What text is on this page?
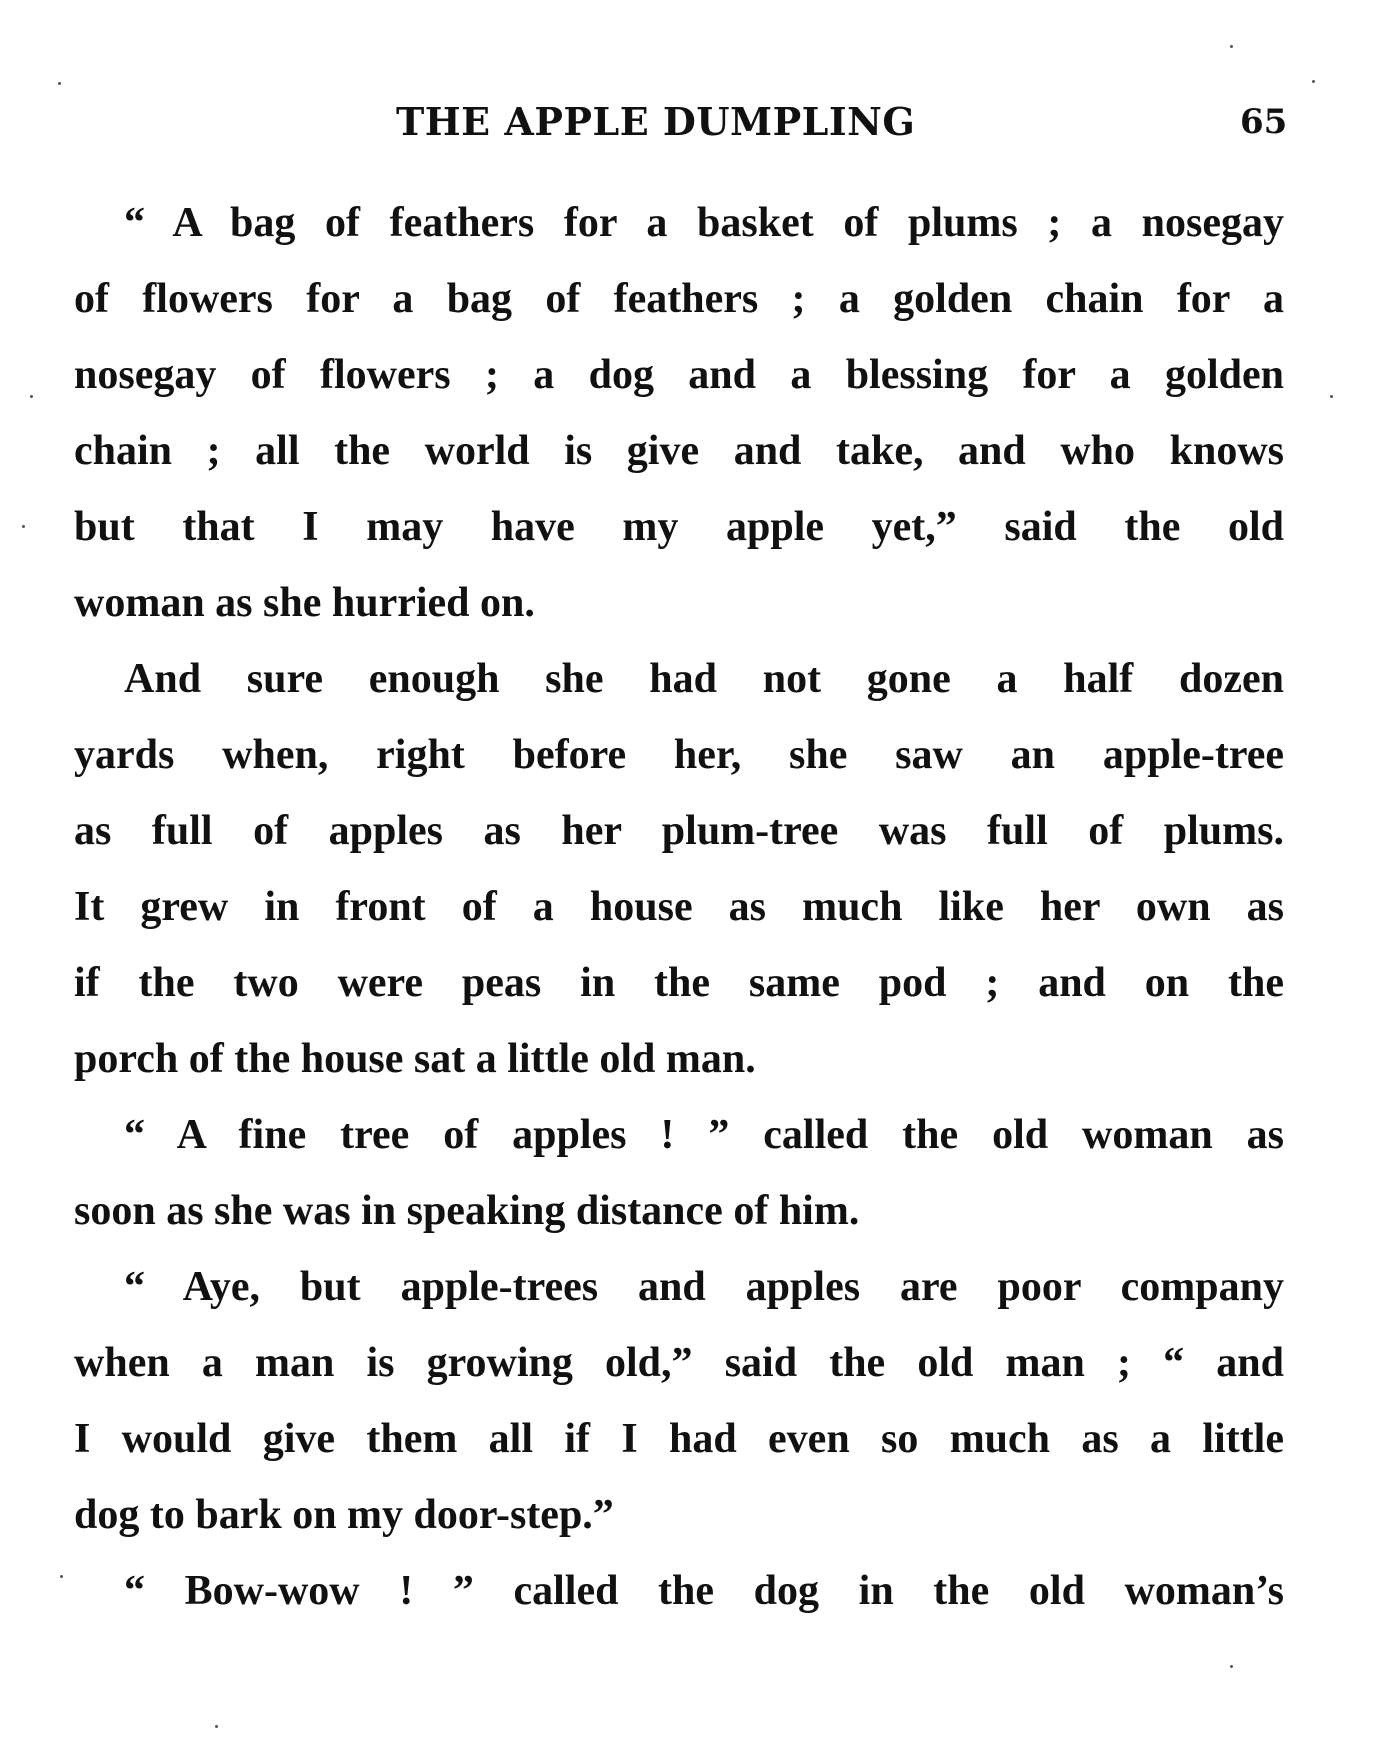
THE APPLE DUMPLING	65
“ A bag of feathers for a basket of plums ; a nosegay
of flowers for a bag of feathers ; a golden chain for a
nosegay of flowers ; a dog and a blessing for a golden
chain ; all the world is give and take, and who knows
but that I may have my apple yet,” said the old
woman as she hurried on.
And sure enough she had not gone a half dozen
yards when, right before her, she saw an apple-tree
as full of apples as her plum-tree was full of plums.
It grew in front of a house as much like her own as
if the two were peas in the same pod ; and on the
porch of the house sat a little old man.
“ A fine tree of apples ! ” called the old woman as
soon as she was in speaking distance of him.
“ Aye, but apple-trees and apples are poor company
when a man is growing old,” said the old man ; “ and
I would give them all if I had even so much as a little
dog to bark on my door-step.”
“ Bow-wow ! ” called the dog in the old woman’s
